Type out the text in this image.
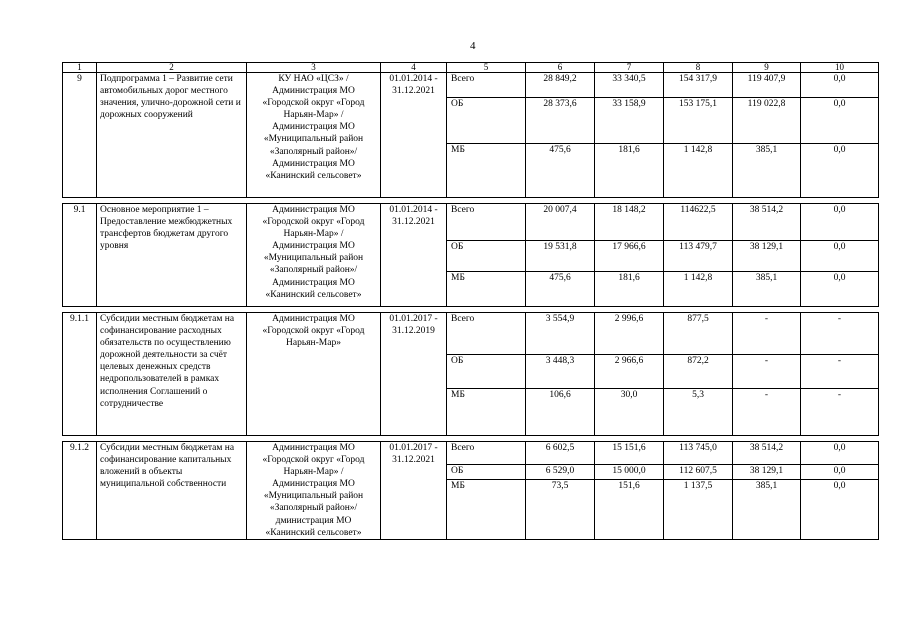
4
1	2	3	4	5	6	7	8	9	10
9	Подпрограмма 1 – Развитие сети автомобильных дорог местного значения, улично-дорожной сети и дорожных сооружений	КУ НАО «ЦСЗ» /Администрация МО «Городской округ «Город Нарьян-Мар» / Администрация МО «Муниципальный район «Заполярный район»/ Администрация МО «Канинский сельсовет»	01.01.2014 - 31.12.2021	Всего	28 849,2	33 340,5	154 317,9	119 407,9	0,0
				ОБ	28 373,6	33 158,9	153 175,1	119 022,8	0,0
				МБ	475,6	181,6	1 142,8	385,1	0,0

9.1	Основное мероприятие 1 – Предоставление межбюджетных трансфертов бюджетам другого уровня	Администрация МО «Городской округ «Город Нарьян-Мар» / Администрация МО «Муниципальный район «Заполярный район»/ Администрация МО «Канинский сельсовет»	01.01.2014 - 31.12.2021	Всего	20 007,4	18 148,2	114622,5	38 514,2	0,0
				ОБ	19 531,8	17 966,6	113 479,7	38 129,1	0,0
				МБ	475,6	181,6	1 142,8	385,1	0,0

9.1.1	Субсидии местным бюджетам на софинансирование расходных обязательств по осуществлению дорожной деятельности за счёт целевых денежных средств недропользователей в рамках исполнения Соглашений о сотрудничестве	Администрация МО «Городской округ «Город Нарьян-Мар»	01.01.2017 - 31.12.2019	Всего	3 554,9	2 996,6	877,5	-	-
				ОБ	3 448,3	2 966,6	872,2	-	-
				МБ	106,6	30,0	5,3	-	-

9.1.2	Субсидии местным бюджетам на софинансирование капитальных вложений в объекты муниципальной собственности	Администрация МО «Городской округ «Город Нарьян-Мар» / Администрация МО «Муниципальный район «Заполярный район»/ дминистрация МО «Канинский сельсовет»	01.01.2017 - 31.12.2021	Всего	6 602,5	15 151,6	113 745,0	38 514,2	0,0
				ОБ	6 529,0	15 000,0	112 607,5	38 129,1	0,0
				МБ	73,5	151,6	1 137,5	385,1	0,0
